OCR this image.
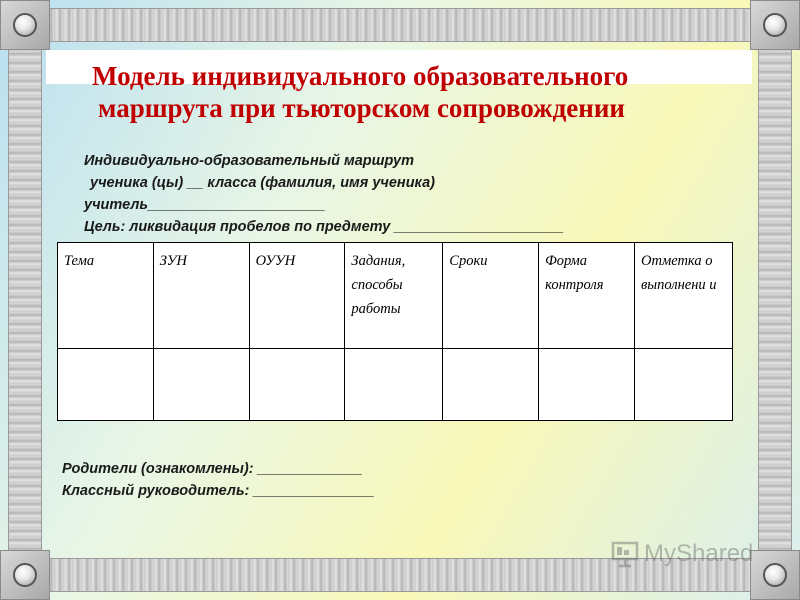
Модель индивидуального образовательного
маршрута при тьюторском сопровождении
Индивидуально-образовательный маршрут
ученика (цы) __ класса (фамилия, имя ученика)
учитель______________________
Цель: ликвидация пробелов по предмету _____________________
Тема	ЗУН	ОУУН	Задания, способы работы	Сроки	Форма контроля	Отметка о выполнени и

Родители (ознакомлены): _____________
Классный руководитель: _______________
MyShared
